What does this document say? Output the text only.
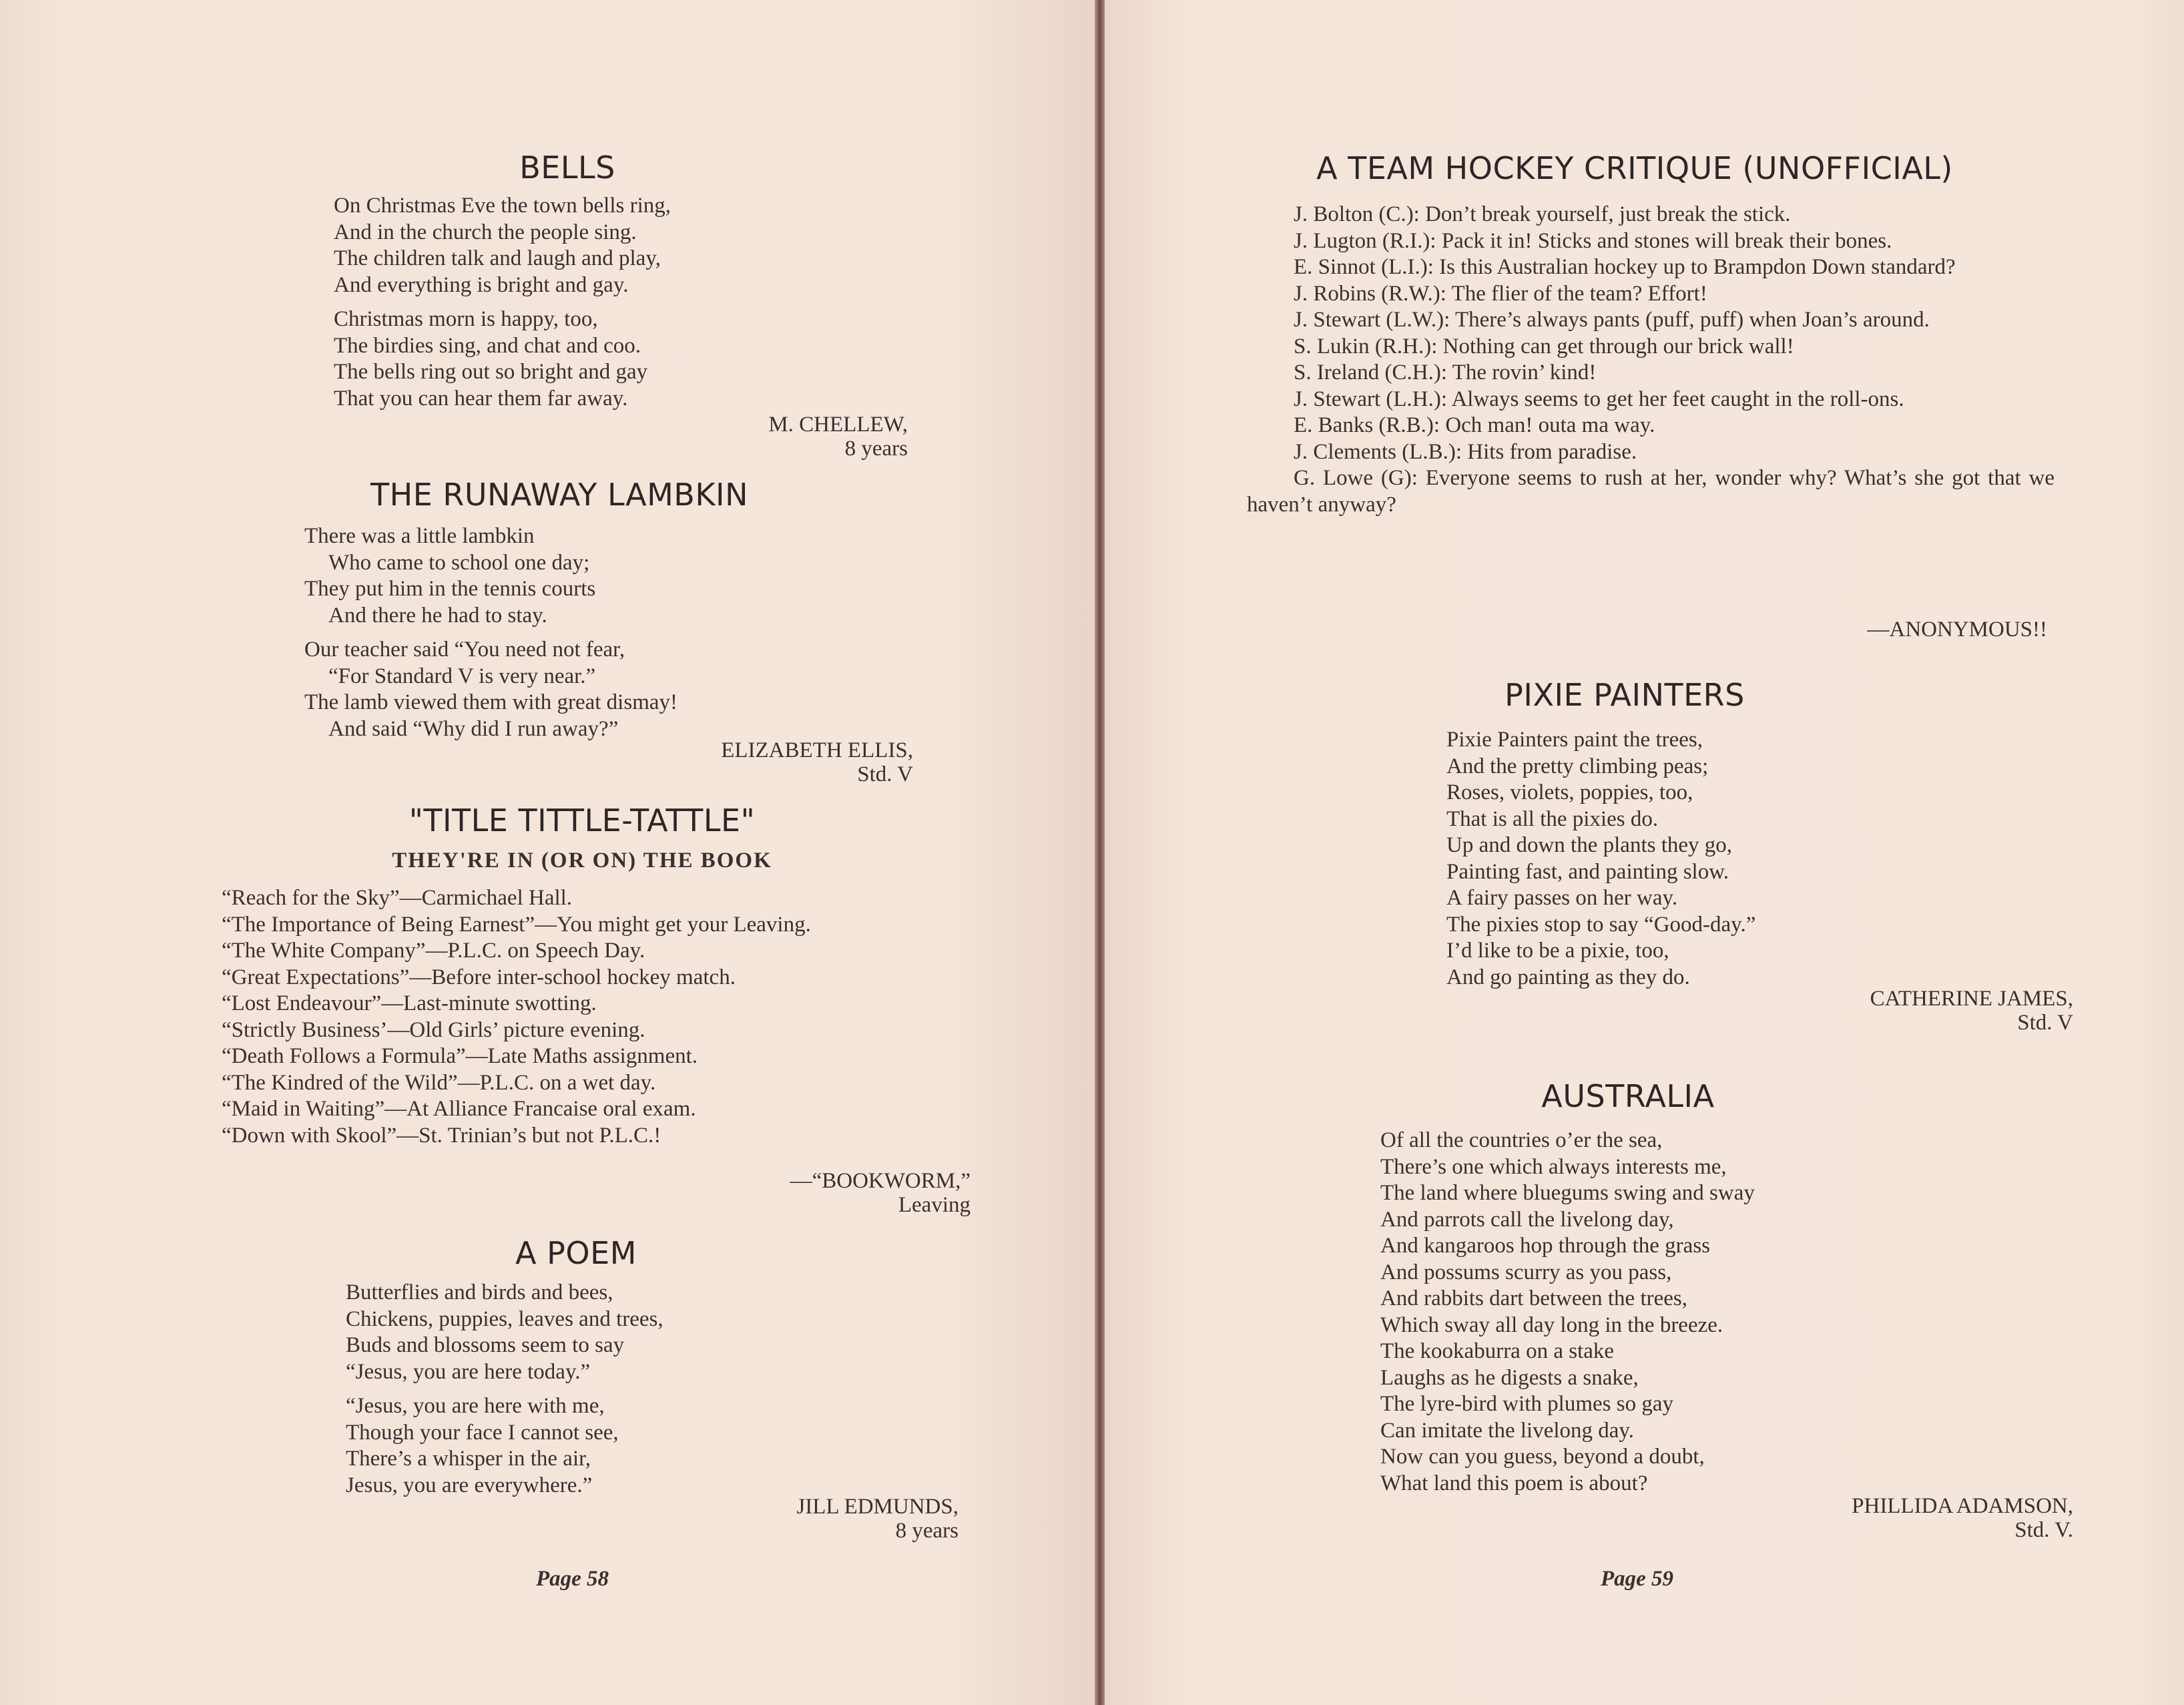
BELLS
On Christmas Eve the town bells ring,
And in the church the people sing.
The children talk and laugh and play,
And everything is bright and gay.
Christmas morn is happy, too,
The birdies sing, and chat and coo.
The bells ring out so bright and gay
That you can hear them far away.
M. CHELLEW,
8 years
THE RUNAWAY LAMBKIN
There was a little lambkin
Who came to school one day;
They put him in the tennis courts
And there he had to stay.
Our teacher said “You need not fear,
“For Standard V is very near.”
The lamb viewed them with great dismay!
And said “Why did I run away?”
ELIZABETH ELLIS,
Std. V
"TITLE TITTLE-TATTLE"
THEY'RE IN (OR ON) THE BOOK
“Reach for the Sky”—Carmichael Hall.
“The Importance of Being Earnest”—You might get your Leaving.
“The White Company”—P.L.C. on Speech Day.
“Great Expectations”—Before inter-school hockey match.
“Lost Endeavour”—Last-minute swotting.
“Strictly Business’—Old Girls’ picture evening.
“Death Follows a Formula”—Late Maths assignment.
“The Kindred of the Wild”—P.L.C. on a wet day.
“Maid in Waiting”—At Alliance Francaise oral exam.
“Down with Skool”—St. Trinian’s but not P.L.C.!
—“BOOKWORM,”
Leaving
A POEM
Butterflies and birds and bees,
Chickens, puppies, leaves and trees,
Buds and blossoms seem to say
“Jesus, you are here today.”
“Jesus, you are here with me,
Though your face I cannot see,
There’s a whisper in the air,
Jesus, you are everywhere.”
JILL EDMUNDS,
8 years
Page 58
A TEAM HOCKEY CRITIQUE (UNOFFICIAL)
J. Bolton (C.): Don’t break yourself, just break the stick.
J. Lugton (R.I.): Pack it in! Sticks and stones will break their bones.
E. Sinnot (L.I.): Is this Australian hockey up to Brampdon Down standard?
J. Robins (R.W.): The flier of the team? Effort!
J. Stewart (L.W.): There’s always pants (puff, puff) when Joan’s around.
S. Lukin (R.H.): Nothing can get through our brick wall!
S. Ireland (C.H.): The rovin’ kind!
J. Stewart (L.H.): Always seems to get her feet caught in the roll-ons.
E. Banks (R.B.): Och man! outa ma way.
J. Clements (L.B.): Hits from paradise.
G. Lowe (G): Everyone seems to rush at her, wonder why? What’s she got that we haven’t anyway?
—ANONYMOUS!!
PIXIE PAINTERS
Pixie Painters paint the trees,
And the pretty climbing peas;
Roses, violets, poppies, too,
That is all the pixies do.
Up and down the plants they go,
Painting fast, and painting slow.
A fairy passes on her way.
The pixies stop to say “Good-day.”
I’d like to be a pixie, too,
And go painting as they do.
CATHERINE JAMES,
Std. V
AUSTRALIA
Of all the countries o’er the sea,
There’s one which always interests me,
The land where bluegums swing and sway
And parrots call the livelong day,
And kangaroos hop through the grass
And possums scurry as you pass,
And rabbits dart between the trees,
Which sway all day long in the breeze.
The kookaburra on a stake
Laughs as he digests a snake,
The lyre-bird with plumes so gay
Can imitate the livelong day.
Now can you guess, beyond a doubt,
What land this poem is about?
PHILLIDA ADAMSON,
Std. V.
Page 59
